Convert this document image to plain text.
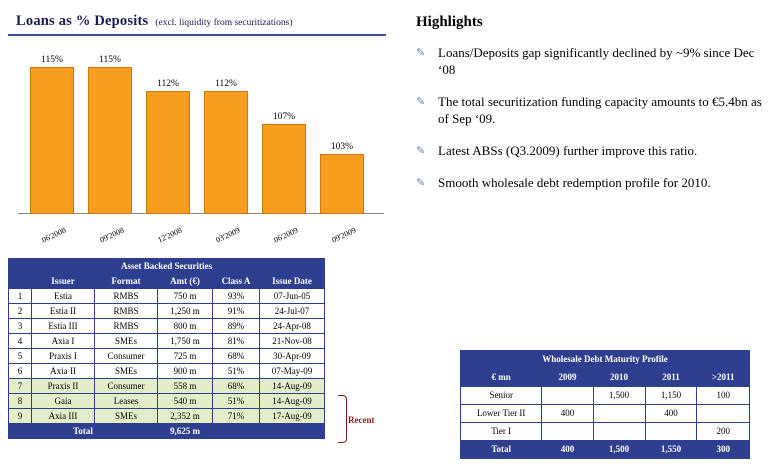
Loans as % Deposits (excl. liquidity from securitizations)
115%
06'2008
115%
09'2008
112%
12'2008
112%
03'2009
107%
06'2009
103%
09'2009
Asset Backed Securities					
	Issuer	Format	Amt (€)	Class A	Issue Date
1	Estia	RMBS	750 m	93%	07-Jun-05
2	Estia II	RMBS	1,250 m	91%	24-Jul-07
3	Estia III	RMBS	800 m	89%	24-Apr-08
4	Axia I	SMEs	1,750 m	81%	21-Nov-08
5	Praxis I	Consumer	725 m	68%	30-Apr-09
6	Axia II	SMEs	900 m	51%	07-May-09
7	Praxis II	Consumer	558 m	68%	14-Aug-09
8	Gaia	Leases	540 m	51%	14-Aug-09
9	Axia III	SMEs	2,352 m	71%	17-Aug-09
Total			9,625 m		
Recent
Highlights
✎ Loans/Deposits gap significantly declined by ~9% since Dec ‘08
✎ The total securitization funding capacity amounts to €5.4bn as of Sep ‘09.
✎ Latest ABSs (Q3.2009) further improve this ratio.
✎ Smooth wholesale debt redemption profile for 2010.
Wholesale Debt Maturity Profile				
€ mn	2009	2010	2011	>2011
Senior		1,500	1,150	100
Lower Tier II	400		400	
Tier I				200
Total	400	1,500	1,550	300
